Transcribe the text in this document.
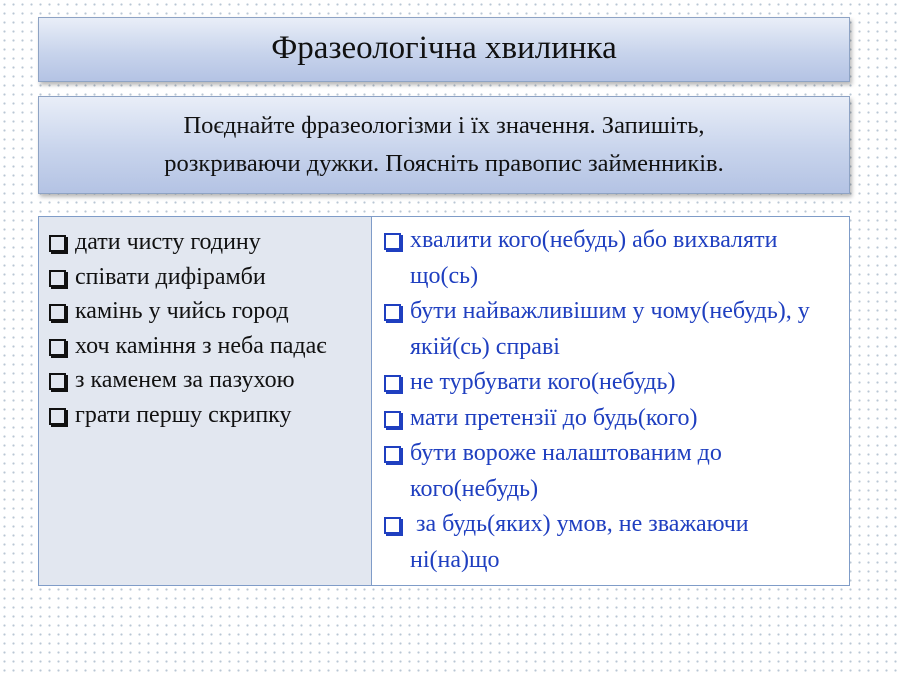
Фразеологічна хвилинка
Поєднайте фразеологізми і їх значення. Запишіть,
розкриваючи дужки. Поясніть правопис займенників.
дати чисту годину
співати дифірамби
камінь у чийсь город
хоч каміння з неба падає
з каменем за пазухою
грати першу скрипку
хвалити кого(небудь) або вихваляти що(сь)
бути найважливішим у чому(небудь), у якій(сь) справі
не турбувати кого(небудь)
мати претензії до будь(кого)
бути вороже налаштованим до кого(небудь)
за будь(яких) умов, не зважаючи ні(на)що
